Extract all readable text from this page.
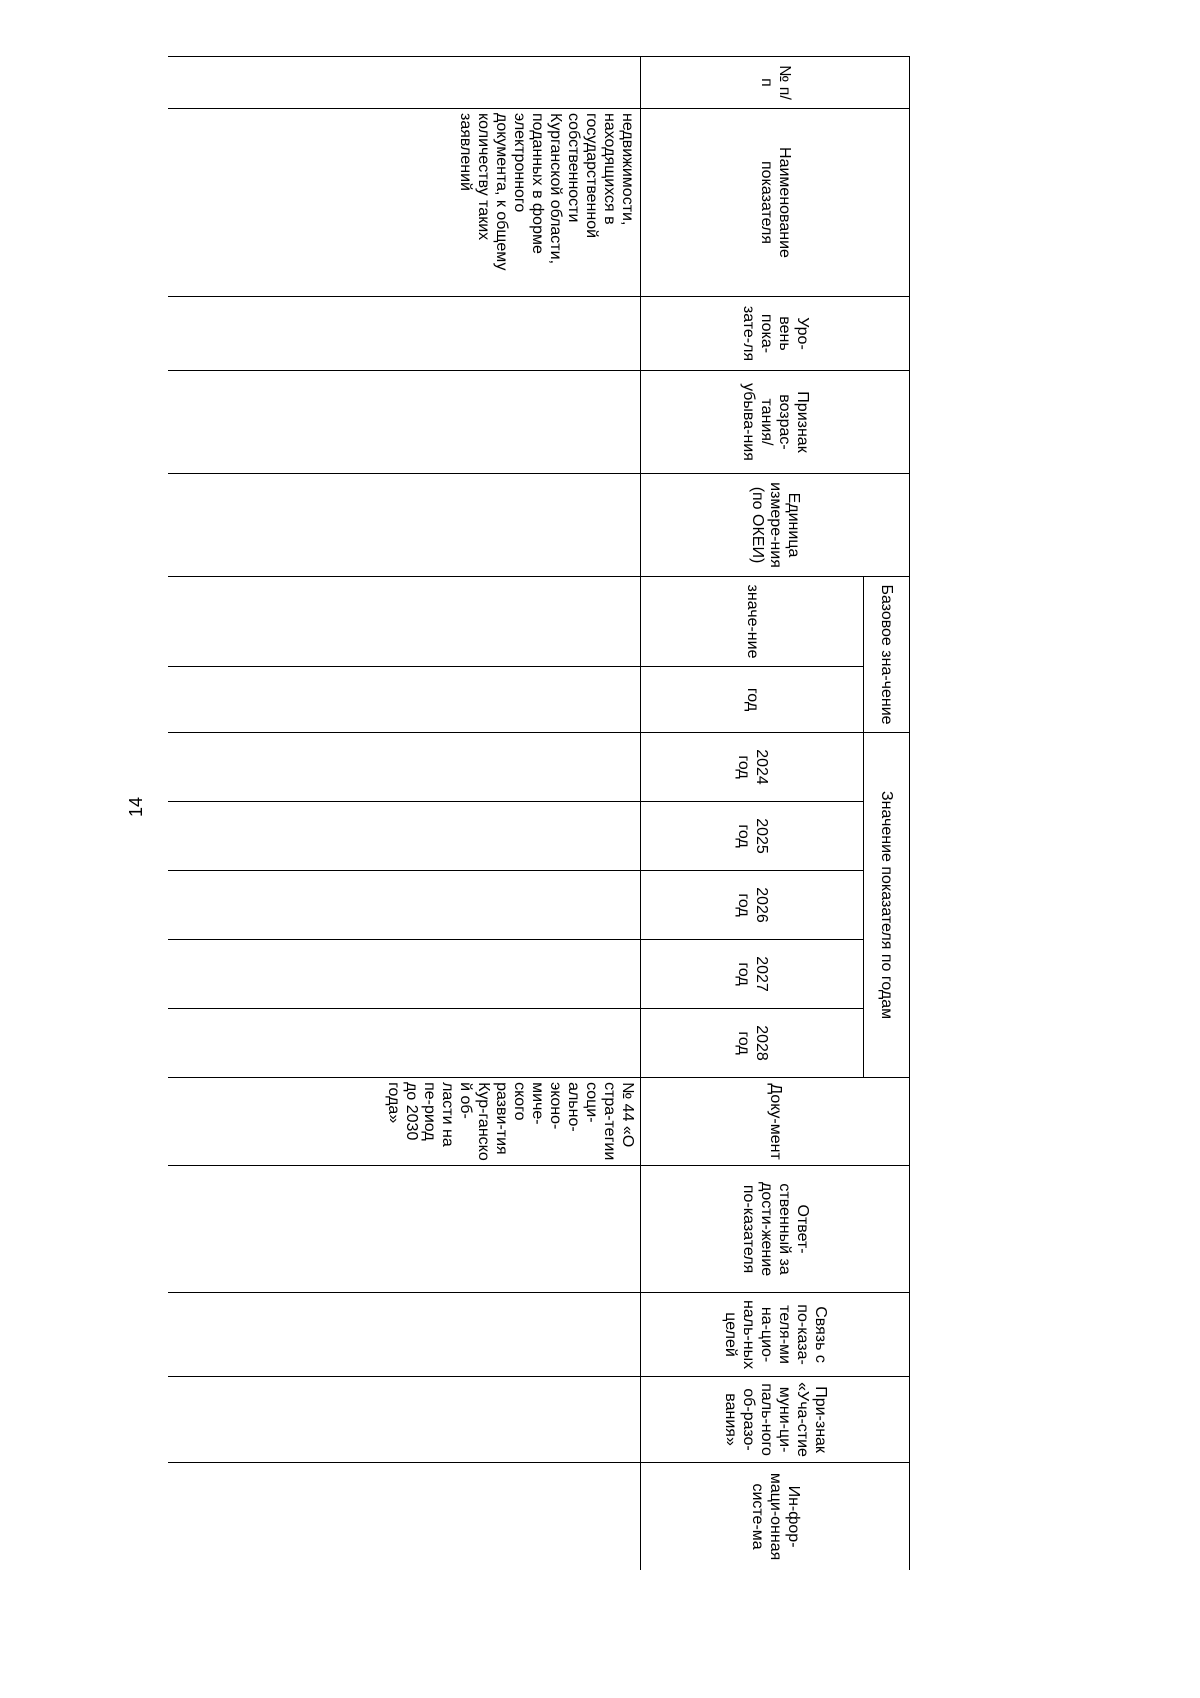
14
№ п/п	Наименование показателя	Уро-вень пока-зате-ля	Признак возрас-тания/ убыва-ния	Единица измере-ния (по ОКЕИ)	Базовое зна-чение		Значение показателя по годам					Доку-мент	Ответ-ственный за дости-жение по-казателя	Связь с по-каза-теля-ми на-цио-наль-ных целей	При-знак «Уча-стие муни-ци-паль-ного об-разо-вания»	Ин-фор-маци-онная систе-ма

					значе-ние	год	2024 год	2025 год	2026 год	2027 год	2028 год					

	недвижимости, находящихся в государственной собственности Курганской области, поданных в форме электронного документа, к общему количеству таких заявлений											№ 44 «О стра-тегии соци-ально-эконо-миче-ского разви-тия Кур-ганско й об-ласти на пе-риод до 2030 года»				
